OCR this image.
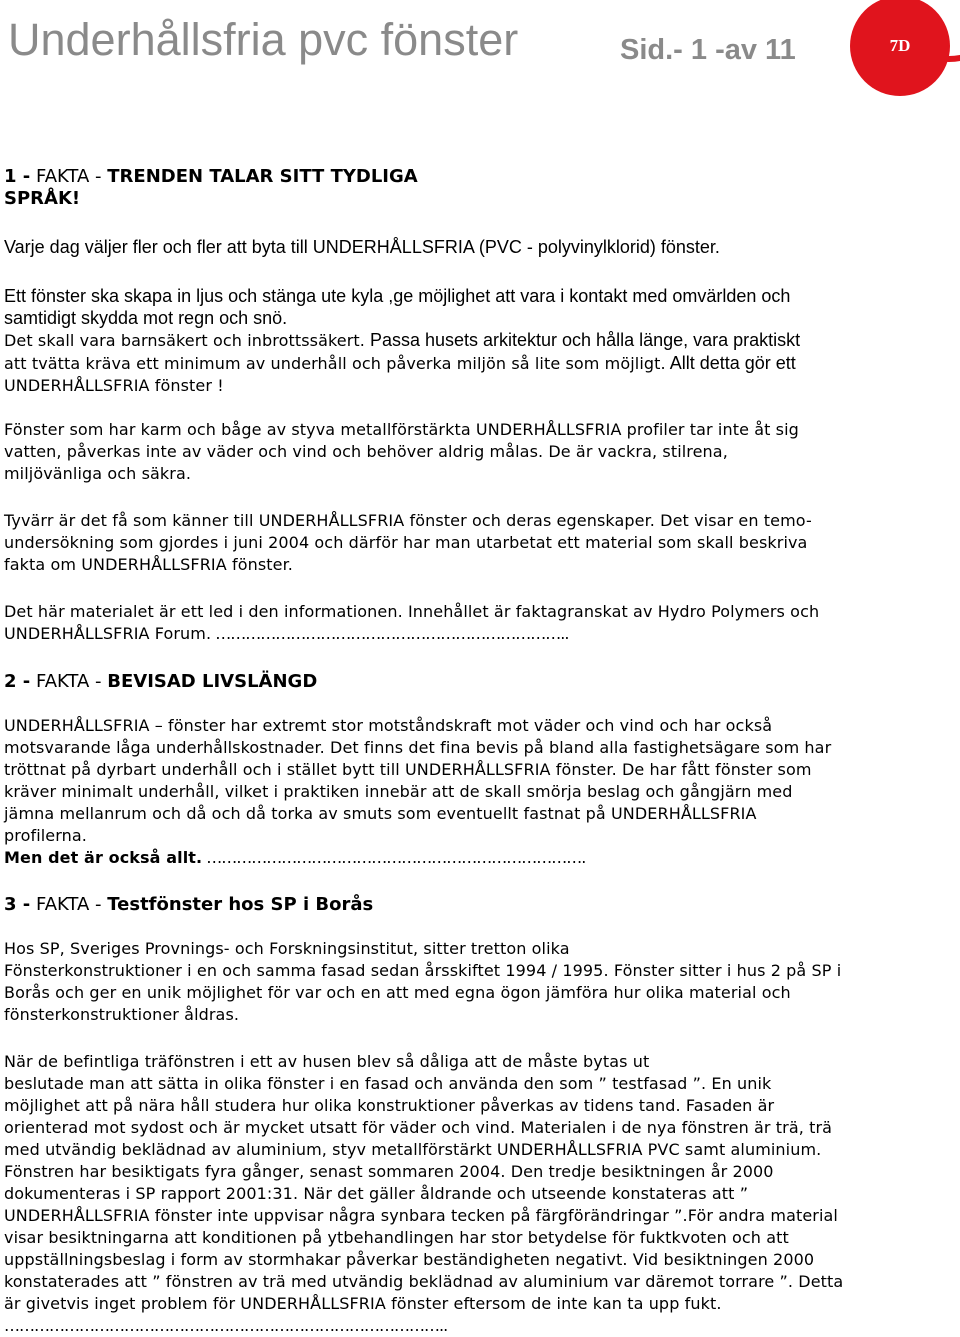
Underhållsfria pvc fönster	Sid.- 1 -av 11	7D
1 - FAKTA - TRENDEN TALAR SITT TYDLIGA
SPRÅK!
Varje dag väljer fler och fler att byta till UNDERHÅLLSFRIA (PVC - polyvinylklorid) fönster.
Ett fönster ska skapa in ljus och stänga ute kyla ,ge möjlighet att vara i kontakt med omvärlden och
samtidigt skydda mot regn och snö.
Det skall vara barnsäkert och inbrottssäkert. Passa husets arkitektur och hålla länge, vara praktiskt
att tvätta kräva ett minimum av underhåll och påverka miljön så lite som möjligt. Allt detta gör ett
UNDERHÅLLSFRIA fönster !
Fönster som har karm och båge av styva metallförstärkta UNDERHÅLLSFRIA profiler tar inte åt sig
vatten, påverkas inte av väder och vind och behöver aldrig målas. De är vackra, stilrena,
miljövänliga och säkra.
Tyvärr är det få som känner till UNDERHÅLLSFRIA fönster och deras egenskaper. Det visar en temo-
undersökning som gjordes i juni 2004 och därför har man utarbetat ett material som skall beskriva
fakta om UNDERHÅLLSFRIA fönster.
Det här materialet är ett led i den informationen. Innehållet är faktagranskat av Hydro Polymers och
UNDERHÅLLSFRIA Forum. ……………………………………………………………..
2 - FAKTA - BEVISAD LIVSLÄNGD
UNDERHÅLLSFRIA – fönster har extremt stor motståndskraft mot väder och vind och har också
motsvarande låga underhållskostnader. Det finns det fina bevis på bland alla fastighetsägare som har
tröttnat på dyrbart underhåll och i stället bytt till UNDERHÅLLSFRIA fönster. De har fått fönster som
kräver minimalt underhåll, vilket i praktiken innebär att de skall smörja beslag och gångjärn med
jämna mellanrum och då och då torka av smuts som eventuellt fastnat på UNDERHÅLLSFRIA
profilerna.
Men det är också allt. ………………………………………………………………….
3 - FAKTA - Testfönster hos SP i Borås
Hos SP, Sveriges Provnings- och Forskningsinstitut, sitter tretton olika
Fönsterkonstruktioner i en och samma fasad sedan årsskiftet 1994 / 1995. Fönster sitter i hus 2 på SP i
Borås och ger en unik möjlighet för var och en att med egna ögon jämföra hur olika material och
fönsterkonstruktioner åldras.
När de befintliga träfönstren i ett av husen blev så dåliga att de måste bytas ut
beslutade man att sätta in olika fönster i en fasad och använda den som ” testfasad ”. En unik
möjlighet att på nära håll studera hur olika konstruktioner påverkas av tidens tand. Fasaden är
orienterad mot sydost och är mycket utsatt för väder och vind. Materialen i de nya fönstren är trä, trä
med utvändig beklädnad av aluminium, styv metallförstärkt UNDERHÅLLSFRIA PVC samt aluminium.
Fönstren har besiktigats fyra gånger, senast sommaren 2004. Den tredje besiktningen år 2000
dokumenteras i SP rapport 2001:31. När det gäller åldrande och utseende konstateras att ”
UNDERHÅLLSFRIA fönster inte uppvisar några synbara tecken på färgförändringar ”.För andra material
visar besiktningarna att konditionen på ytbehandlingen har stor betydelse för fuktkvoten och att
uppställningsbeslag i form av stormhakar påverkar beständigheten negativt. Vid besiktningen 2000
konstaterades att ” fönstren av trä med utvändig beklädnad av aluminium var däremot torrare ”. Detta
är givetvis inget problem för UNDERHÅLLSFRIA fönster eftersom de inte kan ta upp fukt.
……………………………………………………………………………..
